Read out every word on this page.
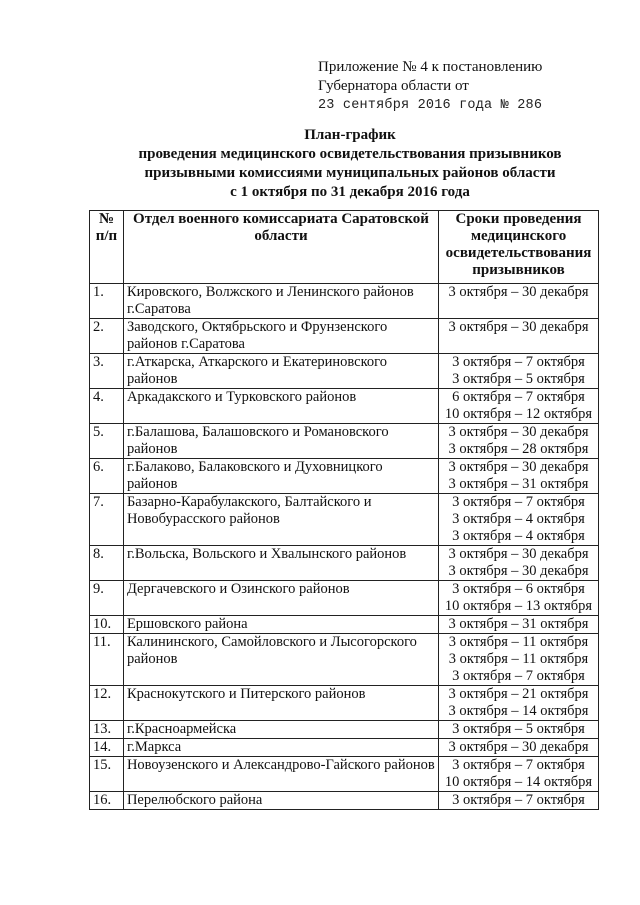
Приложение № 4 к постановлению
Губернатора области от
23 сентября 2016 года № 286
План-график
проведения медицинского освидетельствования призывников
призывными комиссиями муниципальных районов области
с 1 октября по 31 декабря 2016 года
№ п/п	Отдел военного комиссариата Саратовской области	Сроки проведения медицинского освидетельствования призывников
1.	Кировского, Волжского и Ленинского районов г.Саратова	3 октября – 30 декабря

2.	Заводского, Октябрьского и Фрунзенского районов г.Саратова	3 октября – 30 декабря

3.	г.Аткарска, Аткарского и Екатериновского районов	3 октября – 7 октября
3 октября – 5 октября

4.	Аркадакского и Турковского районов	6 октября – 7 октября
10 октября – 12 октября

5.	г.Балашова, Балашовского и Романовского районов	3 октября – 30 декабря
3 октября – 28 октября

6.	г.Балаково, Балаковского и Духовницкого районов	3 октября – 30 декабря
3 октября – 31 октября

7.	Базарно-Карабулакского, Балтайского и Новобурасского районов	3 октября – 7 октября
3 октября – 4 октября
3 октября – 4 октября

8.	г.Вольска, Вольского и Хвалынского районов	3 октября – 30 декабря
3 октября – 30 декабря

9.	Дергачевского и Озинского районов	3 октября – 6 октября
10 октября – 13 октября

10.	Ершовского района	3 октября – 31 октября

11.	Калининского, Самойловского и Лысогорского районов	3 октября – 11 октября
3 октября – 11 октября
3 октября – 7 октября

12.	Краснокутского и Питерского районов	3 октября – 21 октября
3 октября – 14 октября

13.	г.Красноармейска	3 октября – 5 октября

14.	г.Маркса	3 октября – 30 декабря

15.	Новоузенского и Александрово-Гайского районов	3 октября – 7 октября
10 октября – 14 октября

16.	Перелюбского района	3 октября – 7 октября
